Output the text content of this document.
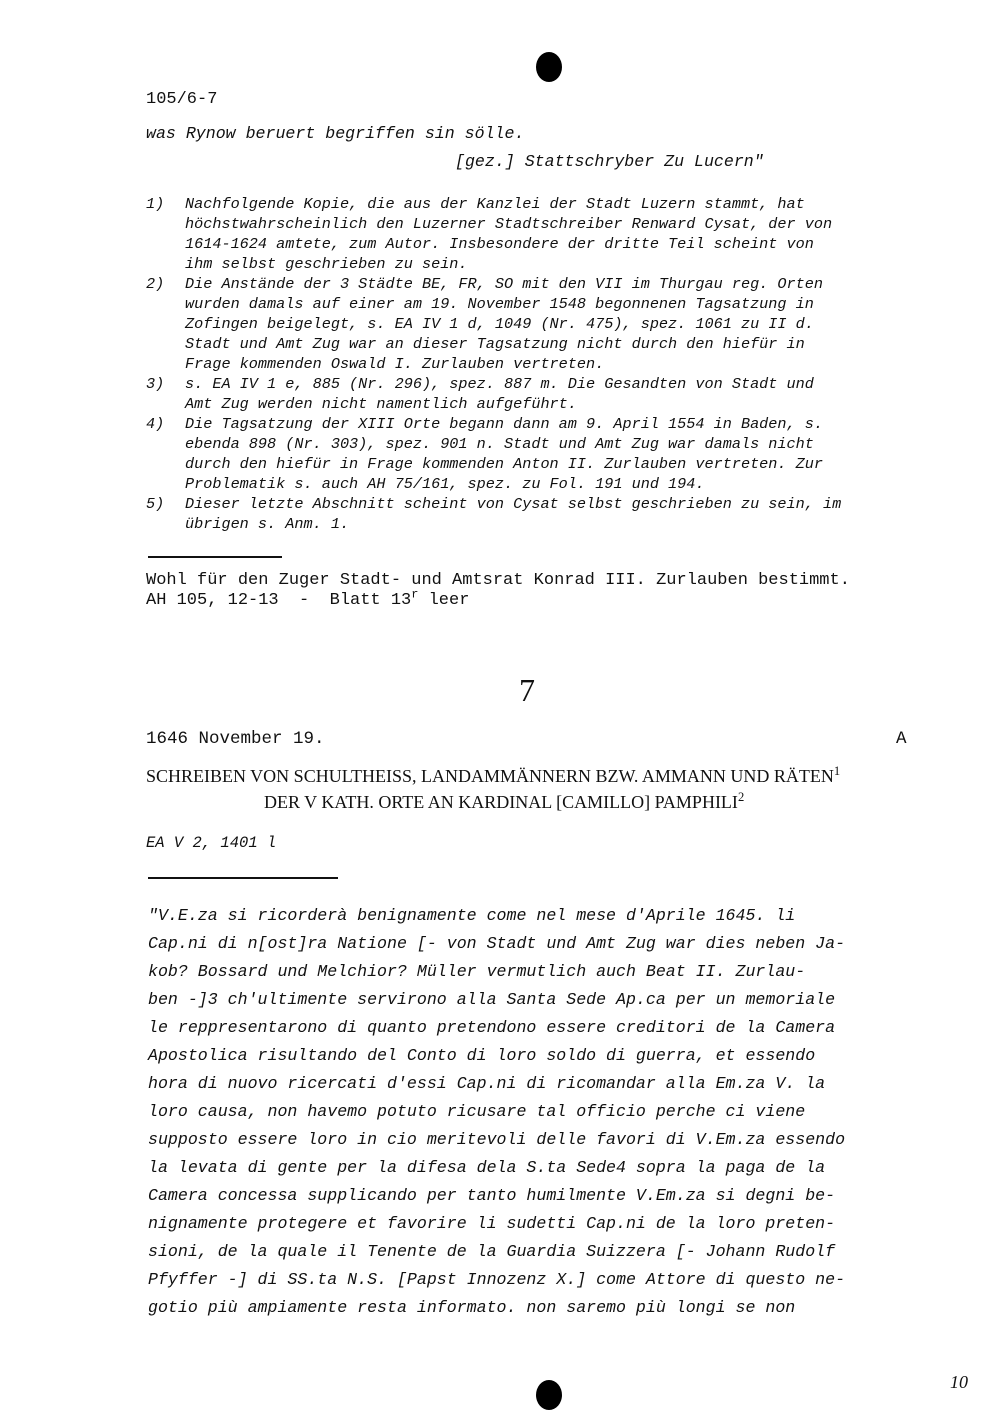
105/6-7
was Rynow beruert begriffen sin sölle.
[gez.] Stattschryber Zu Lucern"
1) Nachfolgende Kopie, die aus der Kanzlei der Stadt Luzern stammt, hat
höchstwahrscheinlich den Luzerner Stadtschreiber Renward Cysat, der von
1614-1624 amtete, zum Autor. Insbesondere der dritte Teil scheint von
ihm selbst geschrieben zu sein.
2) Die Anstände der 3 Städte BE, FR, SO mit den VII im Thurgau reg. Orten
wurden damals auf einer am 19. November 1548 begonnenen Tagsatzung in
Zofingen beigelegt, s. EA IV 1 d, 1049 (Nr. 475), spez. 1061 zu II d.
Stadt und Amt Zug war an dieser Tagsatzung nicht durch den hiefür in
Frage kommenden Oswald I. Zurlauben vertreten.
3) s. EA IV 1 e, 885 (Nr. 296), spez. 887 m. Die Gesandten von Stadt und
Amt Zug werden nicht namentlich aufgeführt.
4) Die Tagsatzung der XIII Orte begann dann am 9. April 1554 in Baden, s.
ebenda 898 (Nr. 303), spez. 901 n. Stadt und Amt Zug war damals nicht
durch den hiefür in Frage kommenden Anton II. Zurlauben vertreten. Zur
Problematik s. auch AH 75/161, spez. zu Fol. 191 und 194.
5) Dieser letzte Abschnitt scheint von Cysat selbst geschrieben zu sein, im
übrigen s. Anm. 1.
Wohl für den Zuger Stadt- und Amtsrat Konrad III. Zurlauben bestimmt.
AH 105, 12-13  -  Blatt 13$^r$ leer
7
1646 November 19.	A
SCHREIBEN VON SCHULTHEISS, LANDAMMÄNNERN BZW. AMMANN UND RÄTEN$^1$
DER V KATH. ORTE AN KARDINAL [CAMILLO] PAMPHILI$^2$
EA V 2, 1401 l
"V.E.za si ricorderà benignamente come nel mese d'Aprile 1645. li
Cap.ni di n[ost]ra Natione [- von Stadt und Amt Zug war dies neben Ja-
kob? Bossard und Melchior? Müller vermutlich auch Beat II. Zurlau-
ben -]3 ch'ultimente servirono alla Santa Sede Ap.ca per un memoriale
le reppresentarono di quanto pretendono essere creditori de la Camera
Apostolica risultando del Conto di loro soldo di guerra, et essendo
hora di nuovo ricercati d'essi Cap.ni di ricomandar alla Em.za V. la
loro causa, non havemo potuto ricusare tal officio perche ci viene
supposto essere loro in cio meritevoli delle favori di V.Em.za essendo
la levata di gente per la difesa dela S.ta Sede4 sopra la paga de la
Camera concessa supplicando per tanto humilmente V.Em.za si degni be-
nignamente protegere et favorire li sudetti Cap.ni de la loro preten-
sioni, de la quale il Tenente de la Guardia Suizzera [- Johann Rudolf
Pfyffer -] di SS.ta N.S. [Papst Innozenz X.] come Attore di questo ne-
gotio più ampiamente resta informato. non saremo più longi se non
10
